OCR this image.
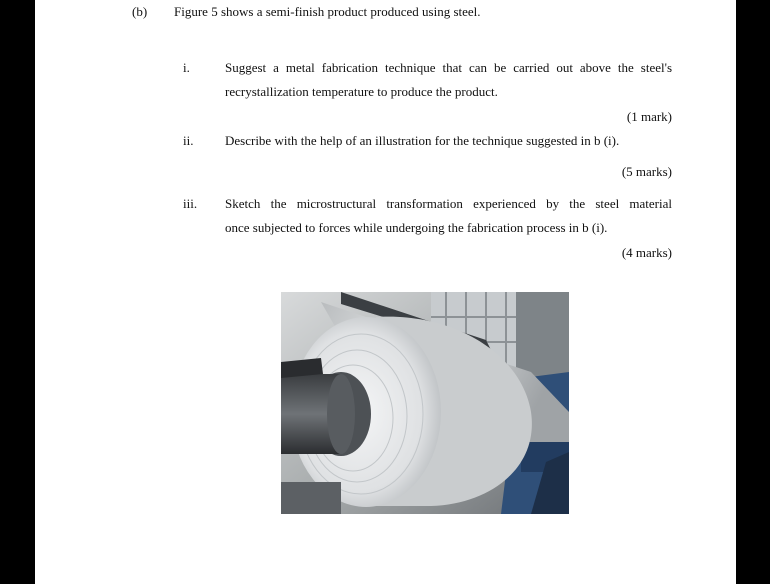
(b) Figure 5 shows a semi-finish product produced using steel.
i.	Suggest a metal fabrication technique that can be carried out above the steel's
recrystallization temperature to produce the product.
(1 mark)
ii. Describe with the help of an illustration for the technique suggested in b (i).
(5 marks)
iii. Sketch the microstructural transformation experienced by the steel material
once subjected to forces while undergoing the fabrication process in b (i).
(4 marks)
